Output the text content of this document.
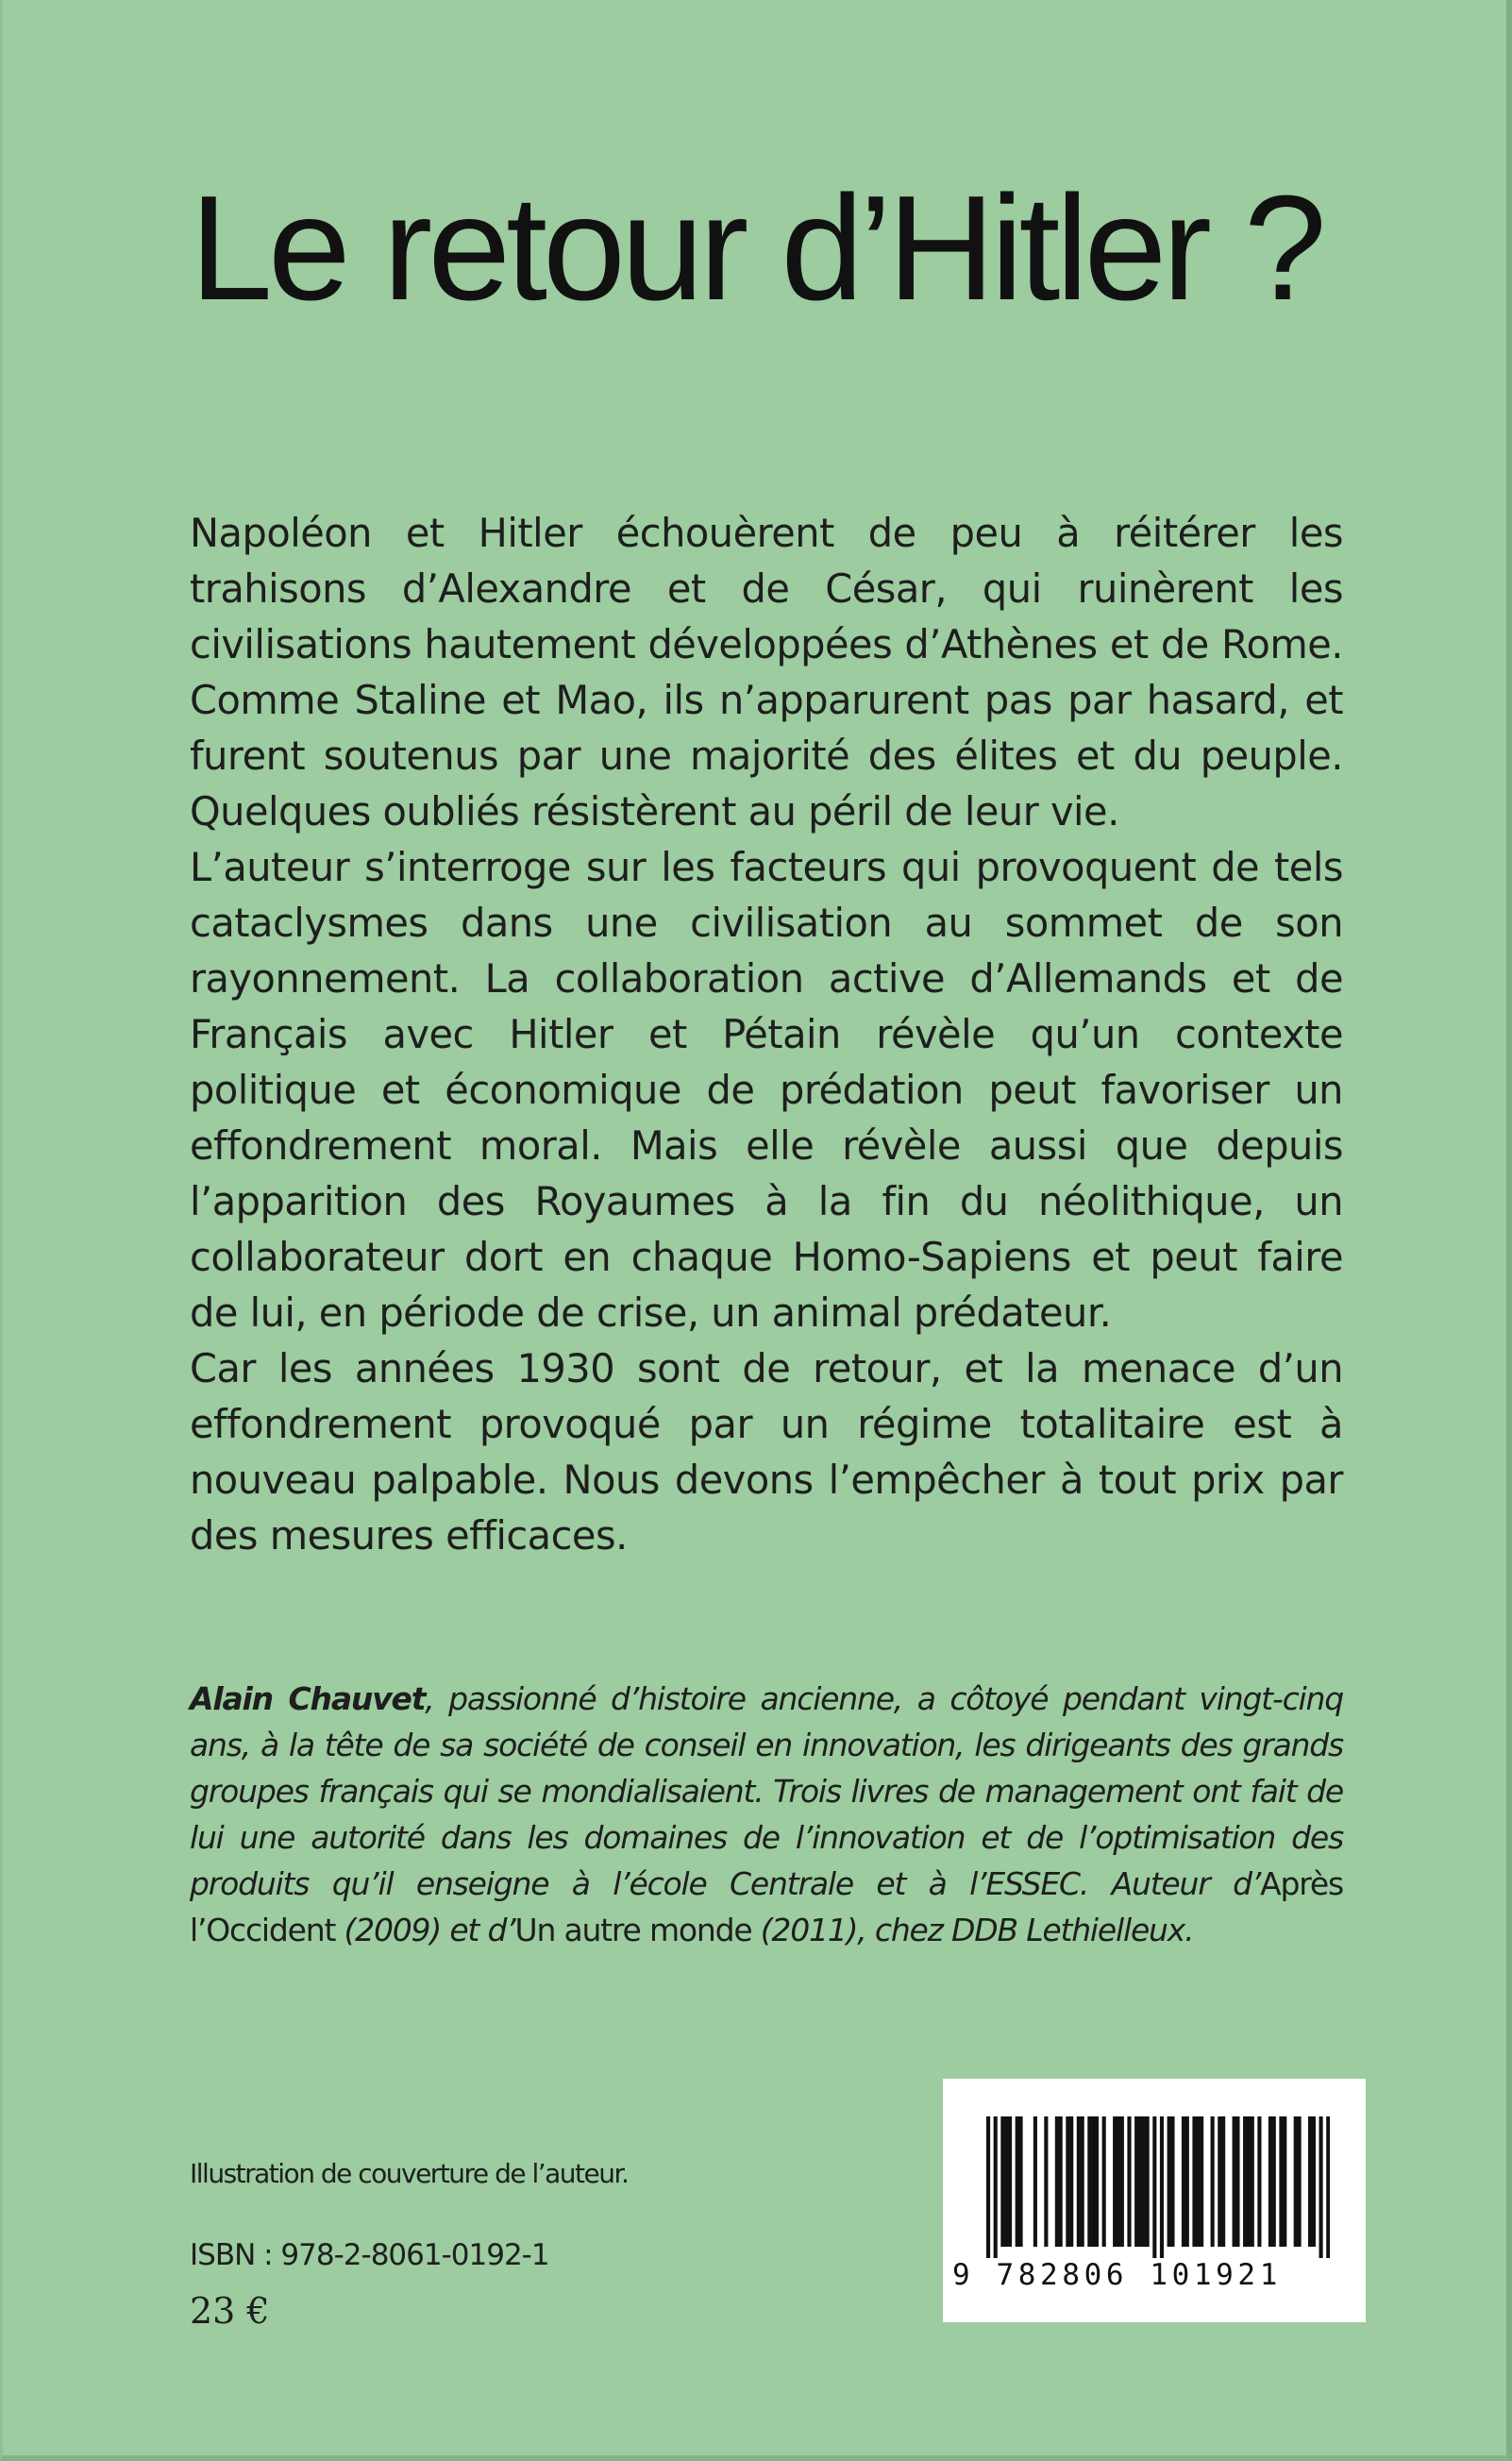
Le retour d’Hitler ?

Napoléon et Hitler échouèrent de peu à réitérer les trahisons d’Alexandre et de César, qui ruinèrent les civilisations hautement développées d’Athènes et de Rome. Comme Staline et Mao, ils n’apparurent pas par hasard, et furent soutenus par une majorité des élites et du peuple. Quelques oubliés résistèrent au péril de leur vie.

L’auteur s’interroge sur les facteurs qui provoquent de tels cataclysmes dans une civilisation au sommet de son rayonnement. La collaboration active d’Allemands et de Français avec Hitler et Pétain révèle qu’un contexte politique et économique de prédation peut favoriser un effondrement moral. Mais elle révèle aussi que depuis l’apparition des Royaumes à la fin du néolithique, un collaborateur dort en chaque Homo-Sapiens et peut faire de lui, en période de crise, un animal prédateur.

Car les années 1930 sont de retour, et la menace d’un effondrement provoqué par un régime totalitaire est à nouveau palpable. Nous devons l’empêcher à tout prix par des mesures efficaces.

Alain Chauvet, passionné d’histoire ancienne, a côtoyé pendant vingt-cinq ans, à la tête de sa société de conseil en innovation, les dirigeants des grands groupes français qui se mondialisaient. Trois livres de management ont fait de lui une autorité dans les domaines de l’innovation et de l’optimisation des produits qu’il enseigne à l’école Centrale et à l’ESSEC. Auteur d’Après l’Occident (2009) et d’Un autre monde (2011), chez DDB Lethielleux.

Illustration de couverture de l’auteur.
ISBN : 978-2-8061-0192-1
23 €
9 782806 101921
